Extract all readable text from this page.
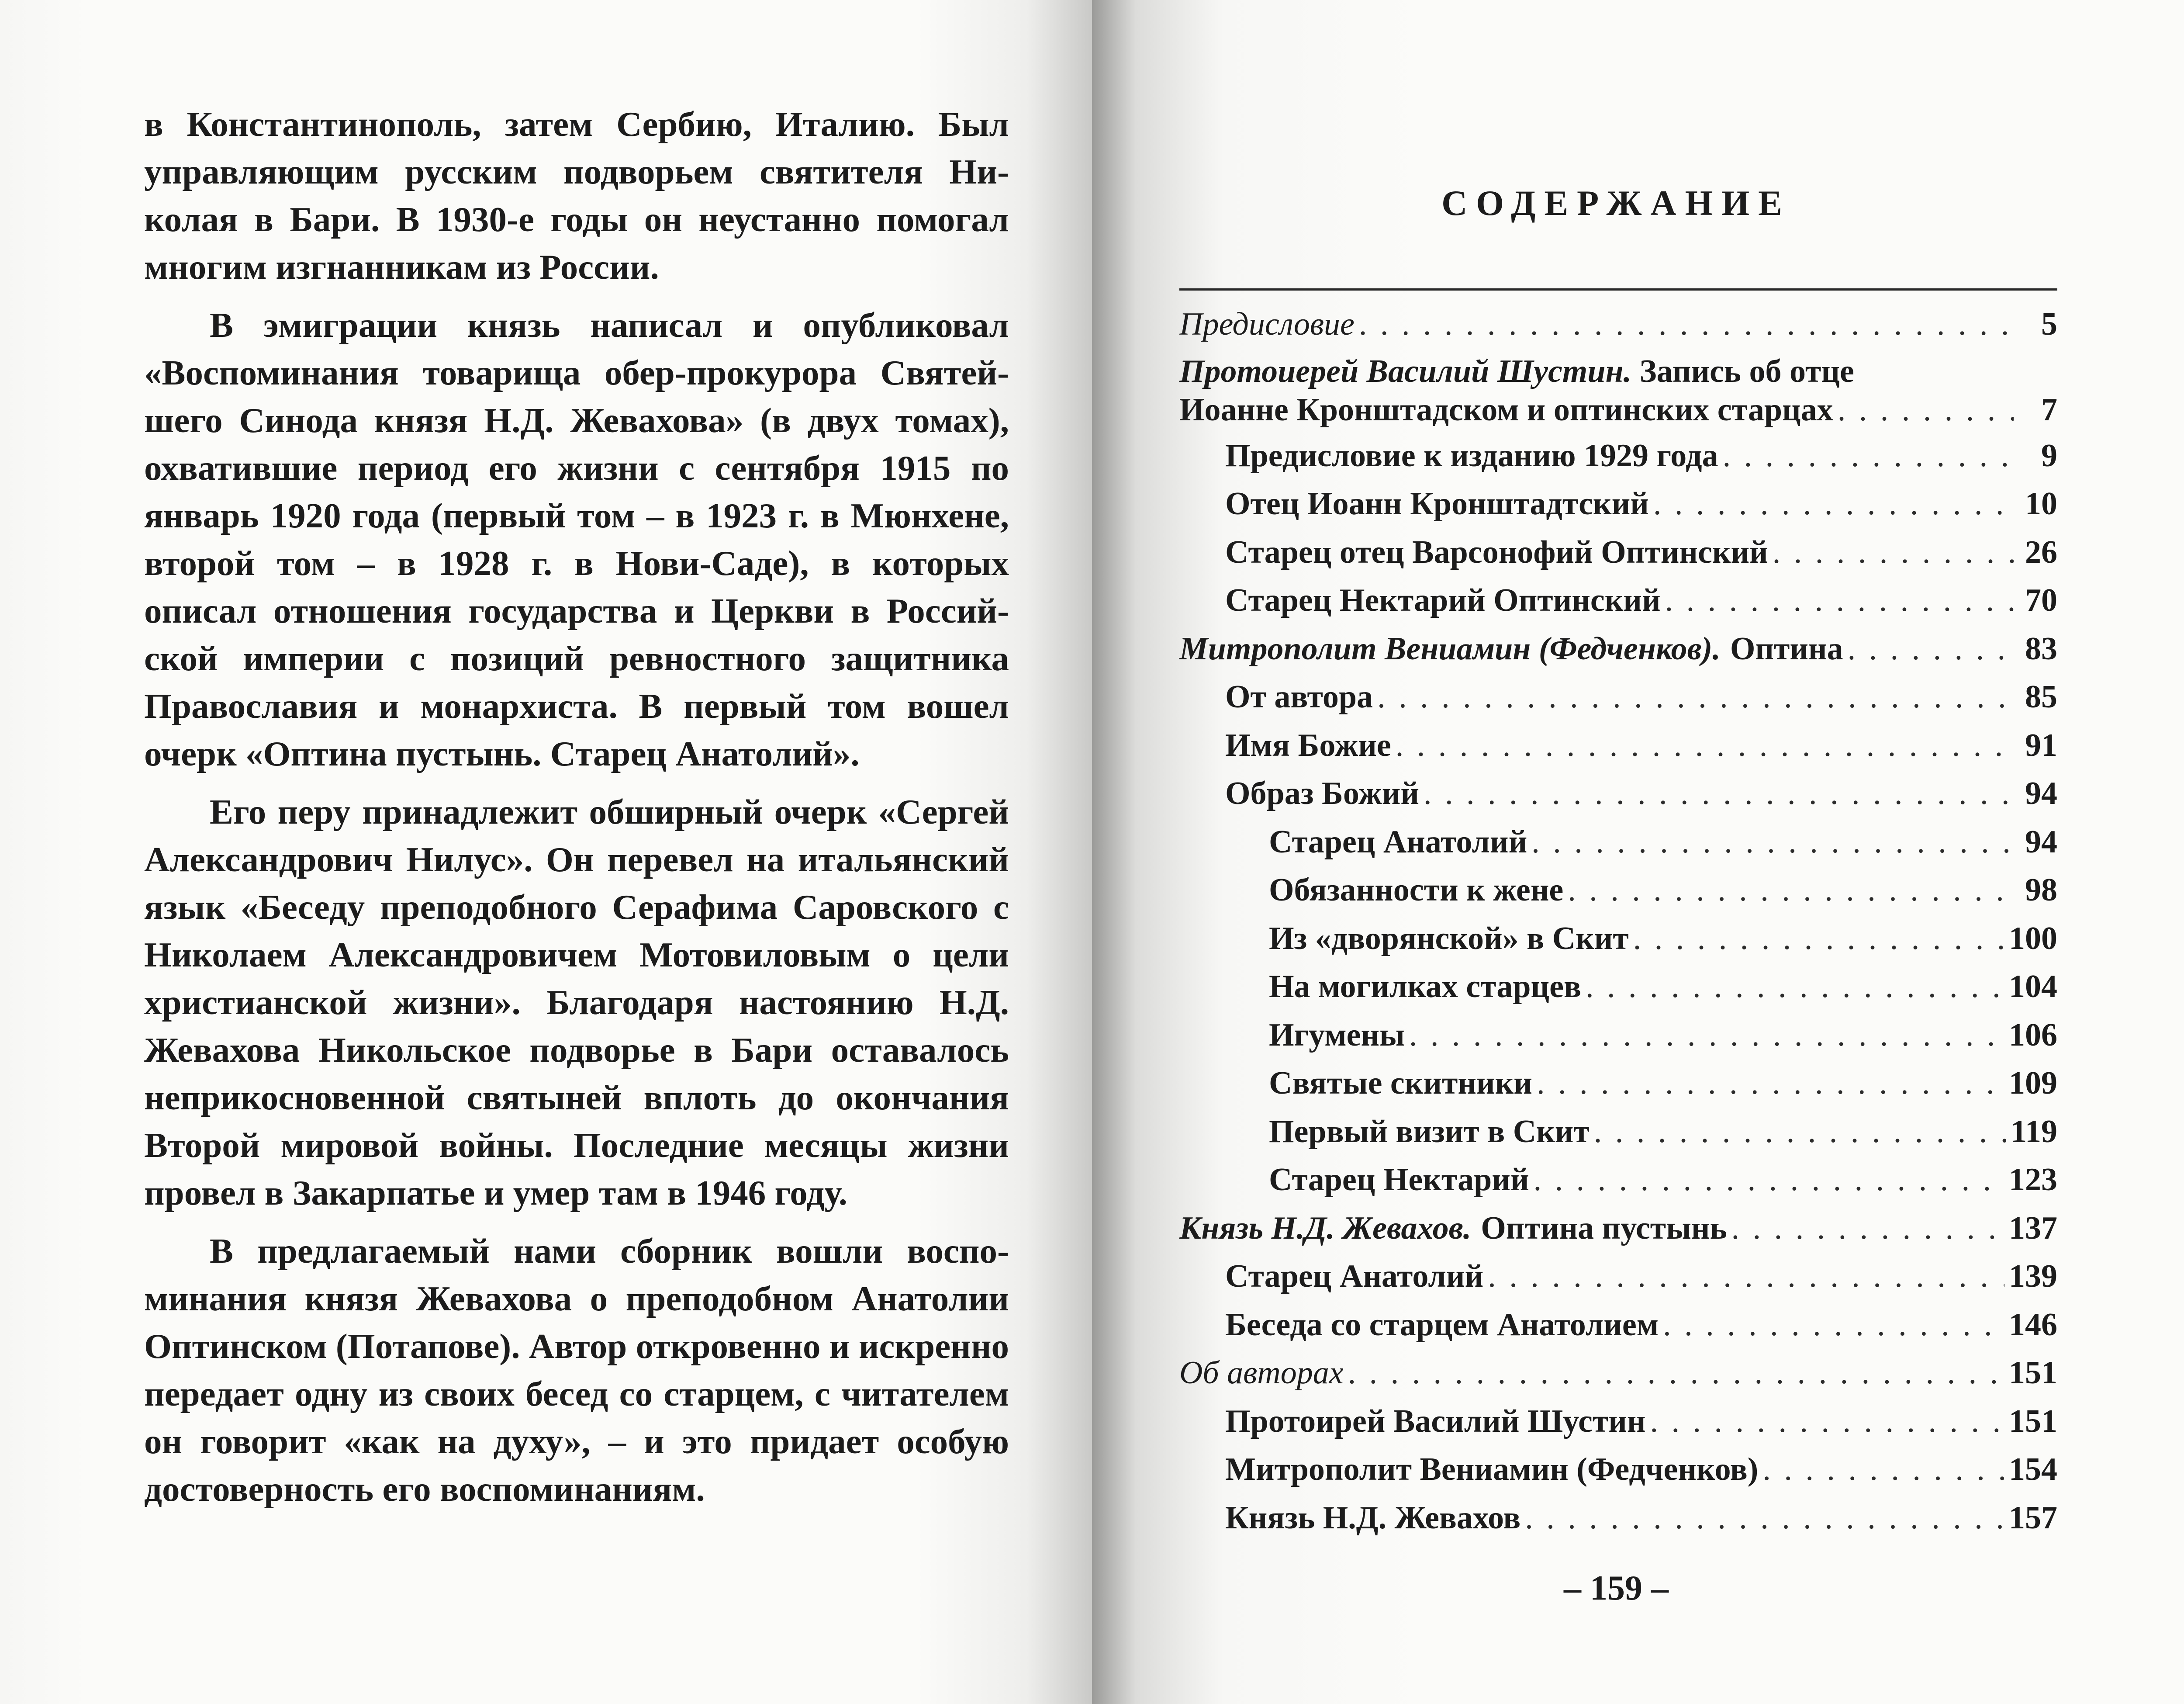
в Константинополь, затем Сербию, Италию. Был управляющим русским подворьем святителя Николая в Бари. В 1930-е годы он неустанно помогал многим изгнанникам из России.

В эмиграции князь написал и опубликовал «Воспоминания товарища обер-прокурора Святейшего Синода князя Н.Д. Жевахова» (в двух томах), охватившие период его жизни с сентября 1915 по январь 1920 года (первый том – в 1923 г. в Мюнхене, второй том – в 1928 г. в Нови-Саде), в которых описал отношения государства и Церкви в Российской империи с позиций ревностного защитника Православия и монархиста. В первый том вошел очерк «Оптина пустынь. Старец Анатолий».

Его перу принадлежит обширный очерк «Сергей Александрович Нилус». Он перевел на итальянский язык «Беседу преподобного Серафима Саровского с Николаем Александровичем Мотовиловым о цели христианской жизни». Благодаря настоянию Н.Д. Жевахова Никольское подворье в Бари оставалось неприкосновенной святыней вплоть до окончания Второй мировой войны. Последние месяцы жизни провел в Закарпатье и умер там в 1946 году.

В предлагаемый нами сборник вошли воспоминания князя Жевахова о преподобном Анатолии Оптинском (Потапове). Автор откровенно и искренно передает одну из своих бесед со старцем, с читателем он говорит «как на духу», – и это придает особую достоверность его воспоминаниям.

СОДЕРЖАНИЕ
Предисловие . . .	5
Протоиерей Василий Шустин. Запись об отце
Иоанне Кронштадском и оптинских старцах . . .	7
Предисловие к изданию 1929 года . . .	9
Отец Иоанн Кронштадтский . . .	10
Старец отец Варсонофий Оптинский . . .	26
Старец Нектарий Оптинский . . .	70
Митрополит Вениамин (Федченков). Оптина . . .	83
От автора . . .	85
Имя Божие . . .	91
Образ Божий . . .	94
Старец Анатолий . . .	94
Обязанности к жене . . .	98
Из «дворянской» в Скит . . .	100
На могилках старцев . . .	104
Игумены . . .	106
Святые скитники . . .	109
Первый визит в Скит . . .	119
Старец Нектарий . . .	123
Князь Н.Д. Жевахов. Оптина пустынь . . .	137
Старец Анатолий . . .	139
Беседа со старцем Анатолием . . .	146
Об авторах . . .	151
Протоирей Василий Шустин . . .	151
Митрополит Вениамин (Федченков) . . .	154
Князь Н.Д. Жевахов . . .	157
– 159 –
